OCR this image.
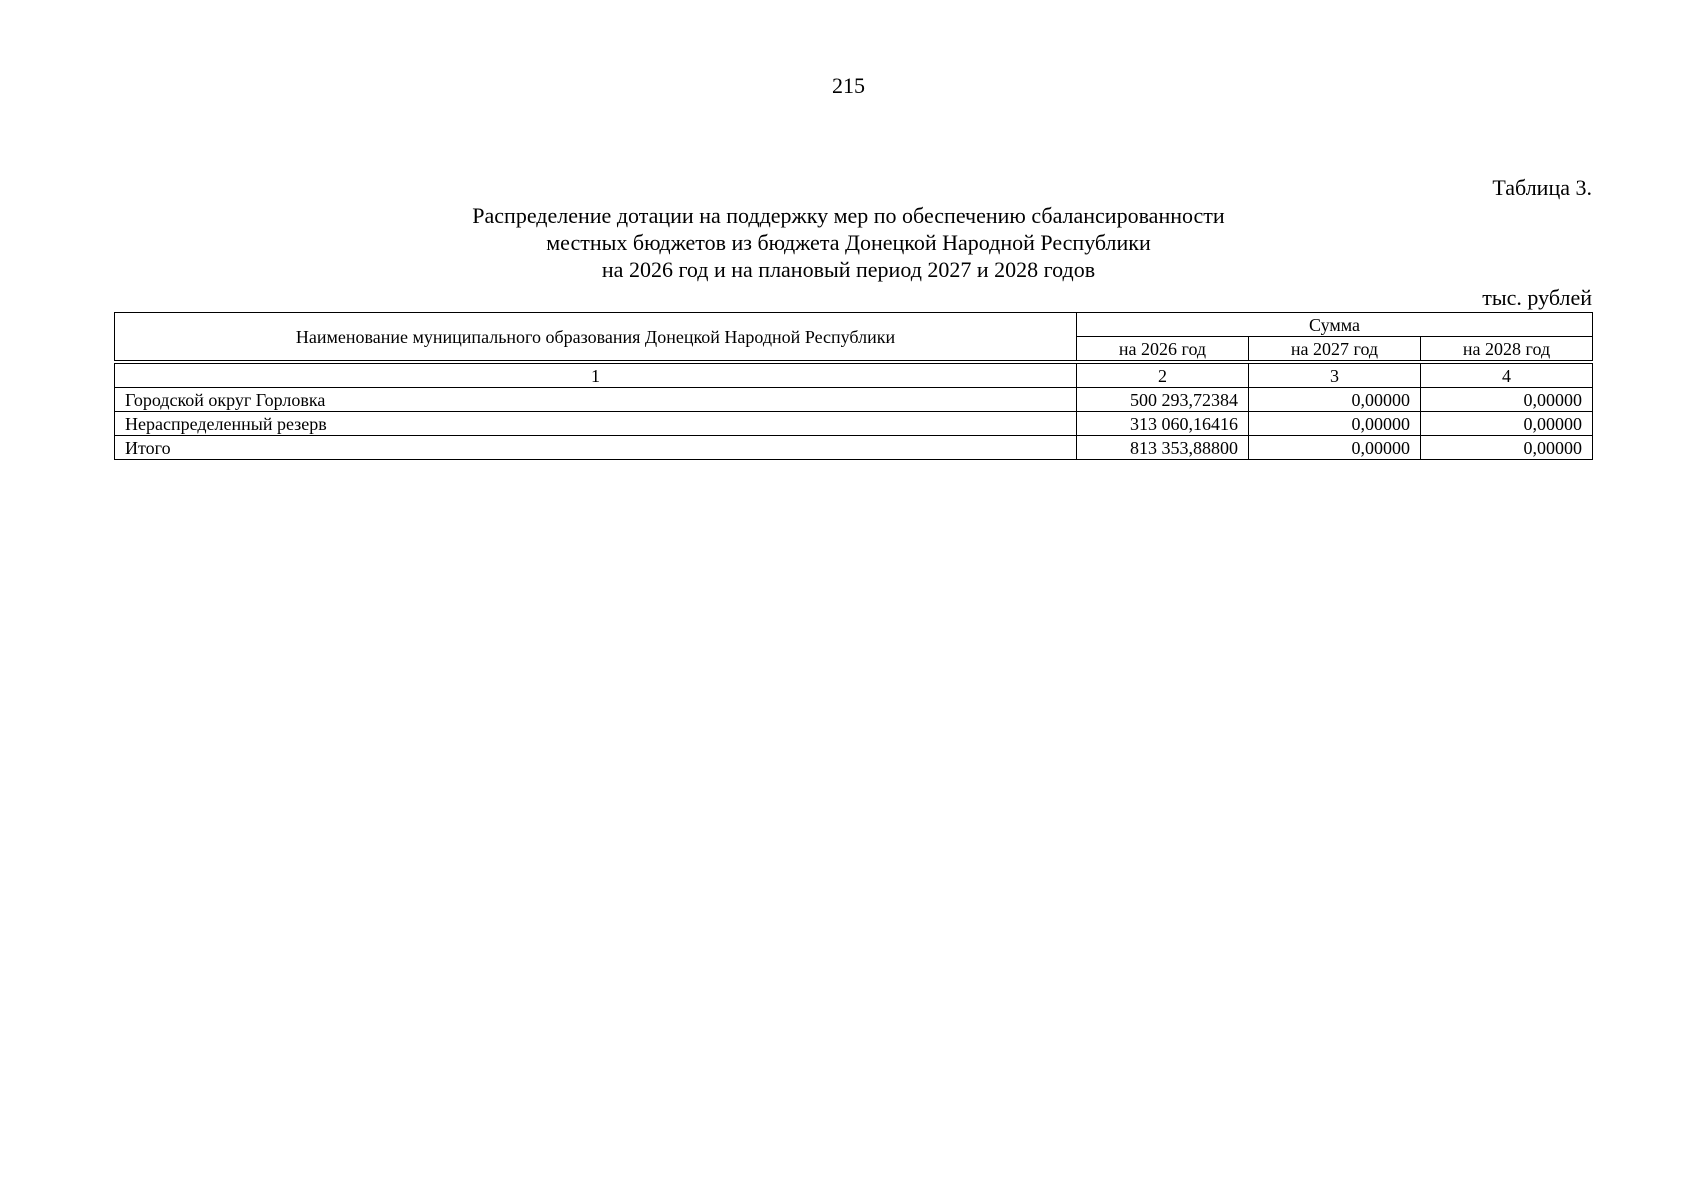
215
Таблица 3.
Распределение дотации на поддержку мер по обеспечению сбалансированности
местных бюджетов из бюджета Донецкой Народной Республики
на 2026 год и на плановый период 2027 и 2028 годов
тыс. рублей
Наименование муниципального образования Донецкой Народной Республики	Сумма		
	на 2026 год	на 2027 год	на 2028 год

1	2	3	4
Городской округ Горловка	500 293,72384	0,00000	0,00000
Нераспределенный резерв	313 060,16416	0,00000	0,00000
Итого	813 353,88800	0,00000	0,00000
